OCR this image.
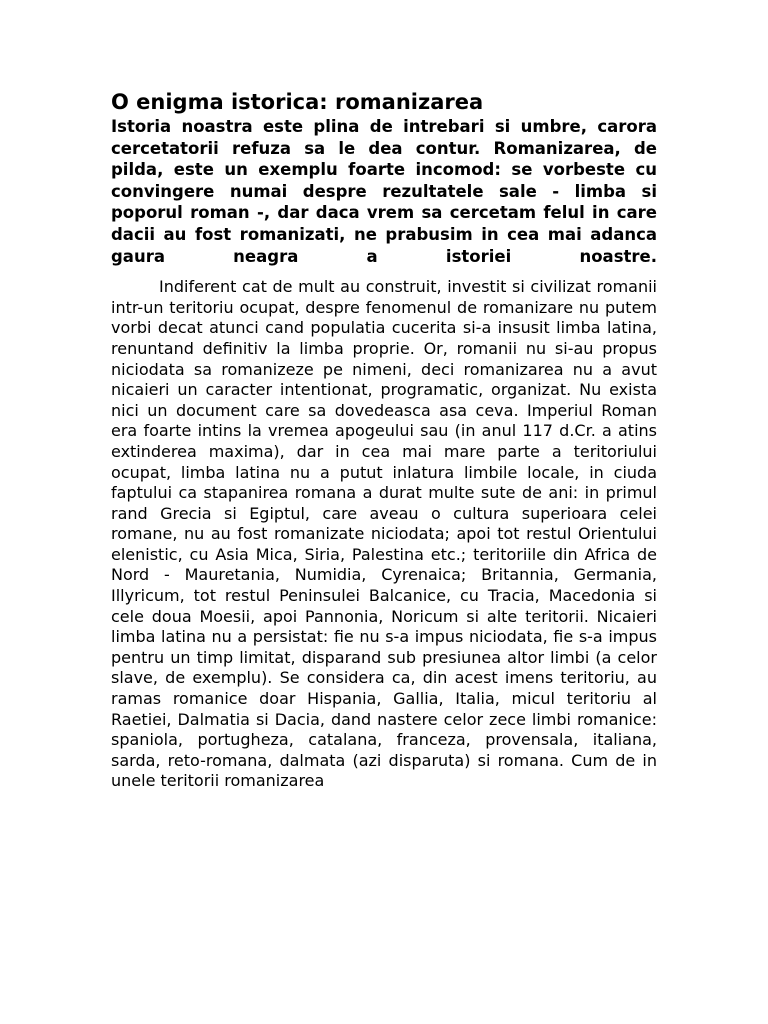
O enigma istorica: romanizarea

Istoria noastra este plina de intrebari si umbre, carora cercetatorii refuza sa le dea contur. Romanizarea, de pilda, este un exemplu foarte incomod: se vorbeste cu convingere numai despre rezultatele sale - limba si poporul roman -, dar daca vrem sa cercetam felul in care dacii au fost romanizati, ne prabusim in cea mai adanca gaura neagra a istoriei noastre.

Indiferent cat de mult au construit, investit si civilizat romanii intr-un teritoriu ocupat, despre fenomenul de romanizare nu putem vorbi decat atunci cand populatia cucerita si-a insusit limba latina, renuntand definitiv la limba proprie. Or, romanii nu si-au propus niciodata sa romanizeze pe nimeni, deci romanizarea nu a avut nicaieri un caracter intentionat, programatic, organizat. Nu exista nici un document care sa dovedeasca asa ceva. Imperiul Roman era foarte intins la vremea apogeului sau (in anul 117 d.Cr. a atins extinderea maxima), dar in cea mai mare parte a teritoriului ocupat, limba latina nu a putut inlatura limbile locale, in ciuda faptului ca stapanirea romana a durat multe sute de ani: in primul rand Grecia si Egiptul, care aveau o cultura superioara celei romane, nu au fost romanizate niciodata; apoi tot restul Orientului elenistic, cu Asia Mica, Siria, Palestina etc.; teritoriile din Africa de Nord - Mauretania, Numidia, Cyrenaica; Britannia, Germania, Illyricum, tot restul Peninsulei Balcanice, cu Tracia, Macedonia si cele doua Moesii, apoi Pannonia, Noricum si alte teritorii. Nicaieri limba latina nu a persistat: fie nu s-a impus niciodata, fie s-a impus pentru un timp limitat, disparand sub presiunea altor limbi (a celor slave, de exemplu). Se considera ca, din acest imens teritoriu, au ramas romanice doar Hispania, Gallia, Italia, micul teritoriu al Raetiei, Dalmatia si Dacia, dand nastere celor zece limbi romanice: spaniola, portugheza, catalana, franceza, provensala, italiana, sarda, reto-romana, dalmata (azi disparuta) si romana. Cum de in unele teritorii romanizarea
